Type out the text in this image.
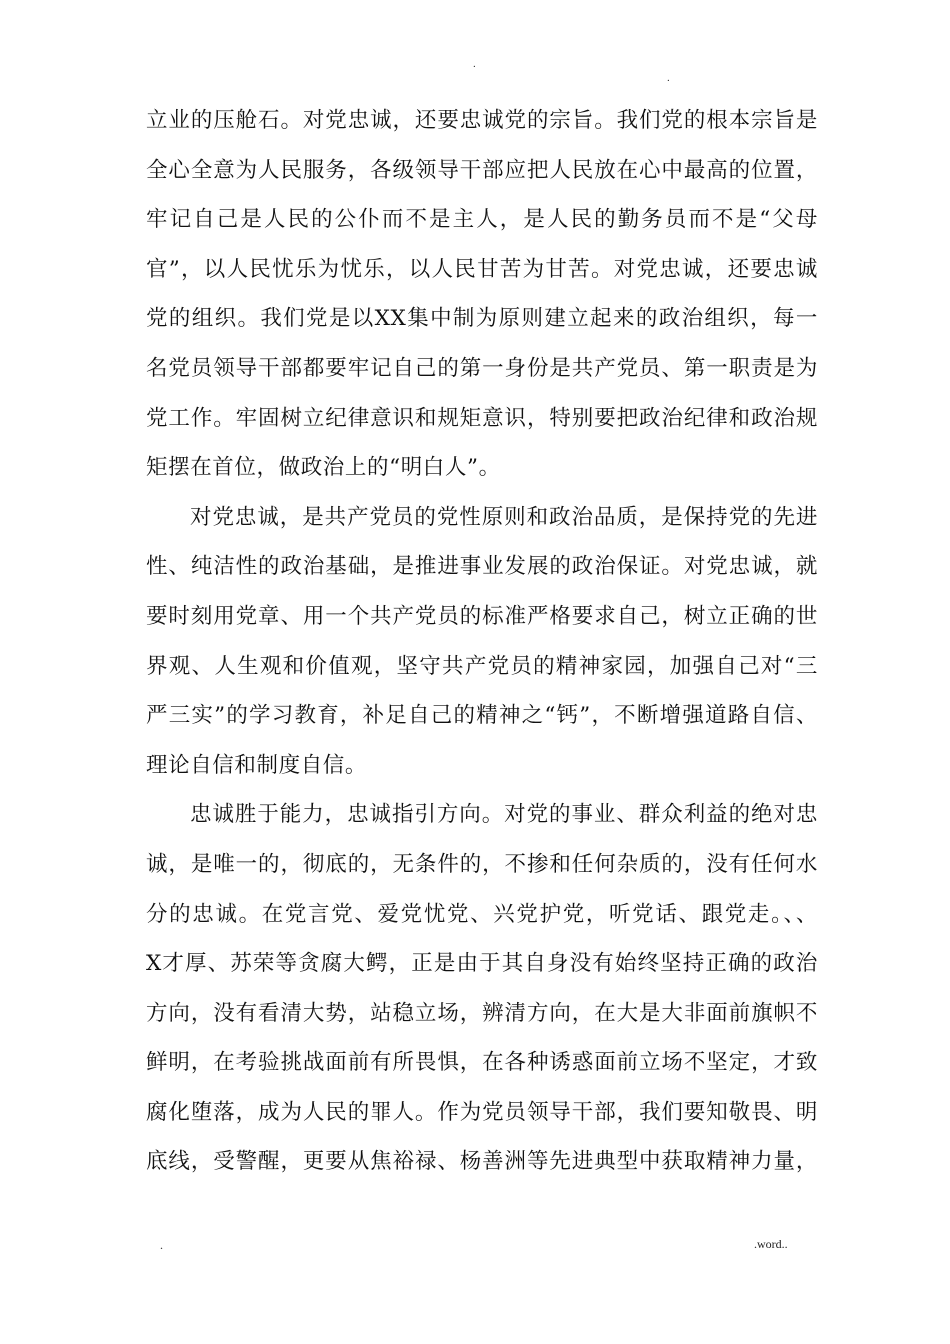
.
.
立业的压舱石。对党忠诚，还要忠诚党的宗旨。我们党的根本宗旨是
全心全意为人民服务，各级领导干部应把人民放在心中最高的位置，
牢记自己是人民的公仆而不是主人，是人民的勤务员而不是“父母
官”，以人民忧乐为忧乐，以人民甘苦为甘苦。对党忠诚，还要忠诚
党的组织。我们党是以XX集中制为原则建立起来的政治组织，每一
名党员领导干部都要牢记自己的第一身份是共产党员、第一职责是为
党工作。牢固树立纪律意识和规矩意识，特别要把政治纪律和政治规
矩摆在首位，做政治上的“明白人”。
对党忠诚，是共产党员的党性原则和政治品质，是保持党的先进
性、纯洁性的政治基础，是推进事业发展的政治保证。对党忠诚，就
要时刻用党章、用一个共产党员的标准严格要求自己，树立正确的世
界观、人生观和价值观，坚守共产党员的精神家园，加强自己对“三
严三实”的学习教育，补足自己的精神之“钙”，不断增强道路自信、
理论自信和制度自信。
忠诚胜于能力，忠诚指引方向。对党的事业、群众利益的绝对忠
诚，是唯一的，彻底的，无条件的，不掺和任何杂质的，没有任何水
分的忠诚。在党言党、爱党忧党、兴党护党，听党话、跟党走。、、
X才厚、苏荣等贪腐大鳄，正是由于其自身没有始终坚持正确的政治
方向，没有看清大势，站稳立场，辨清方向，在大是大非面前旗帜不
鲜明，在考验挑战面前有所畏惧，在各种诱惑面前立场不坚定，才致
腐化堕落，成为人民的罪人。作为党员领导干部，我们要知敬畏、明
底线，受警醒，更要从焦裕禄、杨善洲等先进典型中获取精神力量，
.	.word..
